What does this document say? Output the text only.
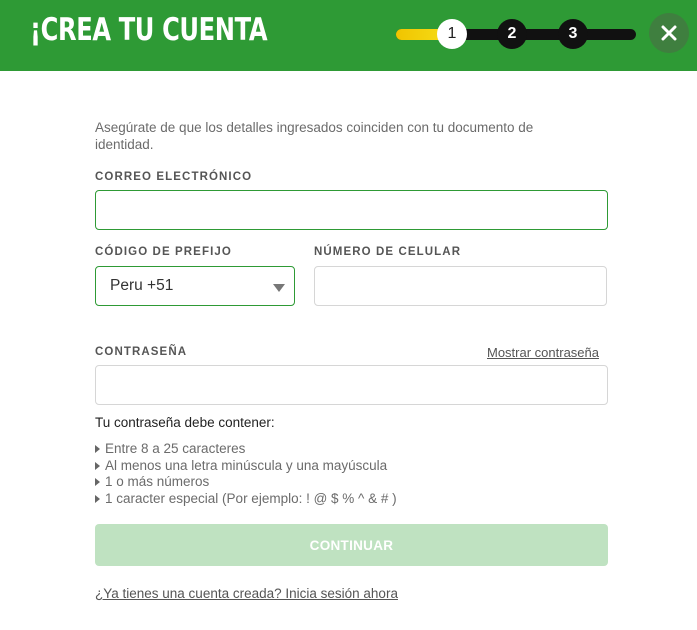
¡CREA TU CUENTA	1	2	3
Asegúrate de que los detalles ingresados coinciden con tu documento de identidad.
CORREO ELECTRÓNICO
CÓDIGO DE PREFIJO
Peru +51
NÚMERO DE CELULAR
CONTRASEÑA	Mostrar contraseña
Tu contraseña debe contener:
Entre 8 a 25 caracteres
Al menos una letra minúscula y una mayúscula
1 o más números
1 caracter especial (Por ejemplo: ! @ $ % ^ & # )
CONTINUAR
¿Ya tienes una cuenta creada? Inicia sesión ahora
